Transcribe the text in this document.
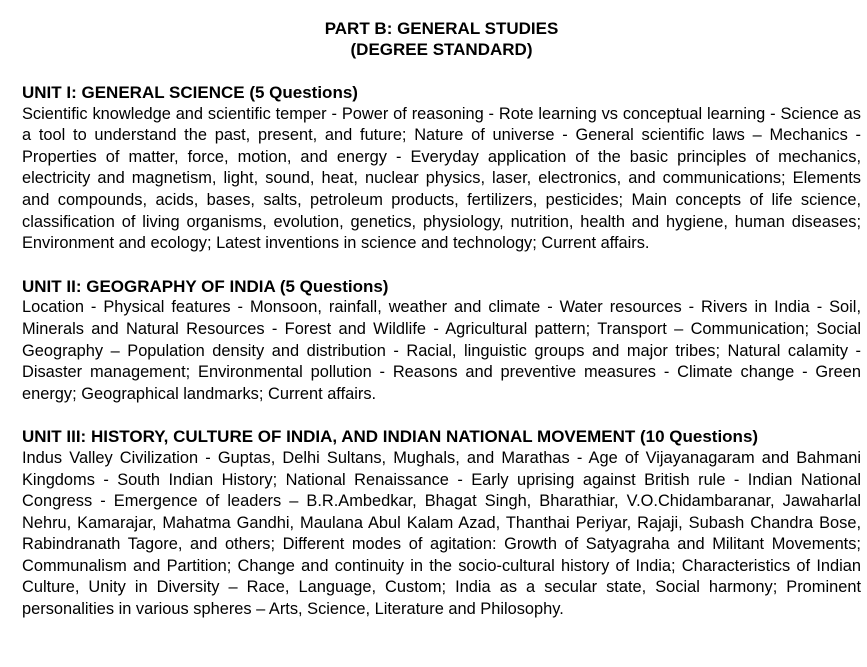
PART B: GENERAL STUDIES

(DEGREE STANDARD)

UNIT I: GENERAL SCIENCE (5 Questions)

Scientific knowledge and scientific temper - Power of reasoning - Rote learning vs conceptual learning - Science as a tool to understand the past, present, and future; Nature of universe - General scientific laws – Mechanics - Properties of matter, force, motion, and energy - Everyday application of the basic principles of mechanics, electricity and magnetism, light, sound, heat, nuclear physics, laser, electronics, and communications; Elements and compounds, acids, bases, salts, petroleum products, fertilizers, pesticides; Main concepts of life science, classification of living organisms, evolution, genetics, physiology, nutrition, health and hygiene, human diseases; Environment and ecology; Latest inventions in science and technology; Current affairs.

UNIT II: GEOGRAPHY OF INDIA (5 Questions)

Location - Physical features - Monsoon, rainfall, weather and climate - Water resources - Rivers in India - Soil, Minerals and Natural Resources - Forest and Wildlife - Agricultural pattern; Transport – Communication; Social Geography – Population density and distribution - Racial, linguistic groups and major tribes; Natural calamity - Disaster management; Environmental pollution - Reasons and preventive measures - Climate change - Green energy; Geographical landmarks; Current affairs.

UNIT III: HISTORY, CULTURE OF INDIA, AND INDIAN NATIONAL MOVEMENT (10 Questions)

Indus Valley Civilization - Guptas, Delhi Sultans, Mughals, and Marathas - Age of Vijayanagaram and Bahmani Kingdoms - South Indian History; National Renaissance - Early uprising against British rule - Indian National Congress - Emergence of leaders – B.R.Ambedkar, Bhagat Singh, Bharathiar, V.O.Chidambaranar, Jawaharlal Nehru, Kamarajar, Mahatma Gandhi, Maulana Abul Kalam Azad, Thanthai Periyar, Rajaji, Subash Chandra Bose, Rabindranath Tagore, and others; Different modes of agitation: Growth of Satyagraha and Militant Movements; Communalism and Partition; Change and continuity in the socio-cultural history of India; Characteristics of Indian Culture, Unity in Diversity – Race, Language, Custom; India as a secular state, Social harmony; Prominent personalities in various spheres – Arts, Science, Literature and Philosophy.
